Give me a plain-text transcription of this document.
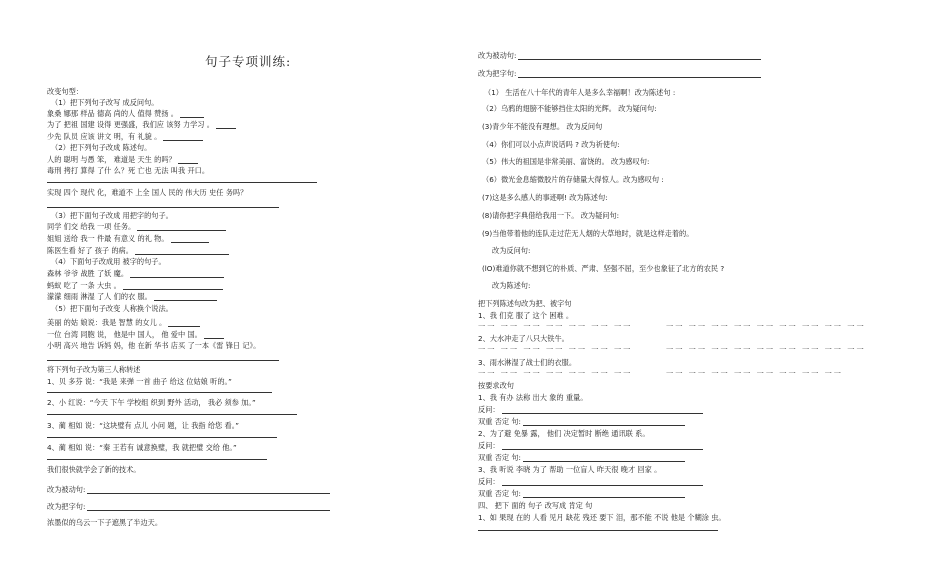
句子专项训练:
改变句型：
（1）把下列句子改写 成反问句。
象桑 娜那 样品 德高 尚的人 值得 赞扬 。
为了 把祖 国建 设得 更强盛，我们应 该努 力学习 。
少先 队员 应该 讲文 明，有 礼貌 。
（2）把下列句子改成 陈述句。
人的 聪明 与愚 笨， 难道是 天生 的吗？
毒刑 拷打 算得 了什 么？死 亡也 无法 叫我 开口。
实现 四个 现代 化，难道不 上全 国人 民的 伟大历 史任 务吗？
（3）把下面句子改成 用把字的句子。
同学 们交 给我 一项 任务。
姐姐 送给 我一 件最 有意义 的礼 物。
陈医生看 好了 孩子 的病。
（4）下面句子改成用 被字的句子。
森林 爷爷 战胜 了妖 魔。
蚂蚁 吃了 一条 大虫 。
濛濛 细雨 淋湿 了人 们的衣 服。
（5）把下面句子改变 人称换个说法。
美丽 的姑 娘说：我是 智慧 的女儿 。
一位 台湾 同胞 说， 他是中 国人， 他 爱中 国。
小明 高兴 地告 诉妈 妈，他 在新 华书 店买 了一本《雷 锋日 记》。
将下列句子改为第三人称转述
1、贝 多芬 说：“我是 来弹 一首 曲子 给这 位姑娘 听的。”
2、小 红说：“今天 下午 学校组 织到 野外 活动， 我必 须参 加。”
3、蔺 相如 说：“这块璧有 点儿 小问 题，让 我指 给您 看。”
4、蔺 相如 说：“秦 王若有 诚意换璧，我 就把璧 交给 他。”
我们很快就学会了新的技术。
改为被动句:
改为把字句:
浓墨似的乌云一下子遮黑了半边天。
改为被动句:
改为把字句:
（1） 生活在八十年代的青年人是多么幸福啊！改为陈述句 :
（2）乌鸦的翅膀不能够挡住太阳的光辉。 改为疑问句:
(3)青少年不能没有理想。 改为反问句
（4）你们可以小点声说话吗 ? 改为祈使句:
（5）伟大的祖国是非常美丽、富饶的。 改为感叹句:
（6）微光金息缩微胶片的存储量大得惊人。改为感叹句 :
(7)这是多么感人的事迹啊! 改为陈述句:
(8)请你把字典借给我用一下。 改为疑问句:
(9)当他带着他的连队走过茫无人烟的大草地时，就是这样走着的。
改为反问句:
(lO)难道你就不想到它的朴质、严肃、坚强不屈，至少也象征了北方的农民 ?
改为陈述句:
把下列陈述句改为把、被字句
1、我 们克 服了 这个 困难 。
2、大水冲走了八只大铁牛。
3、雨水淋湿了战士们的衣服。
按要求改句
1、我 有办 法称 出大 象的 重量。
反问：
双重 否定 句:
2、为了避 免暴 露， 他们 决定暂时 断绝 通讯联 系。
反问：
双重 否定 句:
3、我 听说 李晓 为了 帮助 一位盲人 昨天很 晚才 回家 。
反问：
双重 否定 句:
四、 把下 面的 句子 改写成 肯定 句
1、如 果现 在的 人看 见月 缺花 残还 要下 泪，那不能 不说 他是 个糊涂 虫。
一一 一一 一一 一一 一一 一一 一一	一一 一一 一一 一一 一一 一一 一一 一一 一一
一一 一一 一一 一一 一一 一一 一一	一一 一一 一一 一一 一一 一一 一一 一一 一一
一一 一一 一一 一一 一一 一一 一一	一一 一一 一一 一一 一一 一一 一一 一一
